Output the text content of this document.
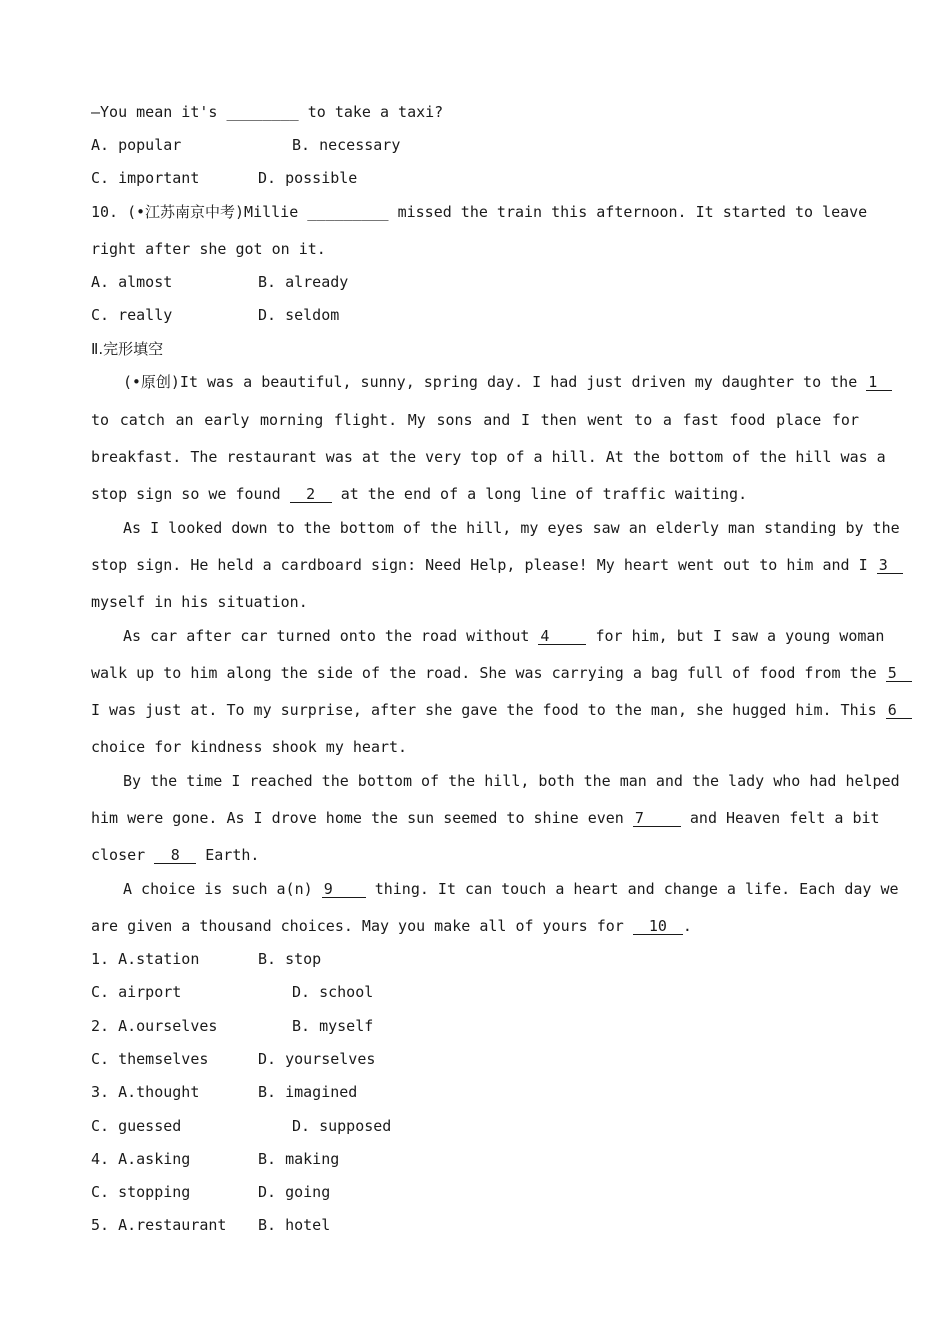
—You mean it's ________ to take a taxi?
A. popular	B. necessary
C. important	D. possible
10. (•江苏南京中考)Millie _________ missed the train this afternoon. It started to leave
right after she got on it.
A. almost	B. already
C. really	D. seldom
Ⅱ.完形填空
(•原创)It was a beautiful, sunny, spring day. I had just driven my daughter to the 1
to catch an early morning flight. My sons and I then went to a fast food place for
breakfast. The restaurant was at the very top of a hill. At the bottom of the hill was a
stop sign so we found 2 at the end of a long line of traffic waiting.
As I looked down to the bottom of the hill, my eyes saw an elderly man standing by the
stop sign. He held a cardboard sign: Need Help, please! My heart went out to him and I 3
myself in his situation.
As car after car turned onto the road without 4 for him, but I saw a young woman
walk up to him along the side of the road. She was carrying a bag full of food from the 5
I was just at. To my surprise, after she gave the food to the man, she hugged him. This 6
choice for kindness shook my heart.
By the time I reached the bottom of the hill, both the man and the lady who had helped
him were gone. As I drove home the sun seemed to shine even 7 and Heaven felt a bit
closer 8 Earth.
A choice is such a(n) 9 thing. It can touch a heart and change a life. Each day we
are given a thousand choices. May you make all of yours for 10 .
1. A.station	B. stop
C. airport	D. school
2. A.ourselves	B. myself
C. themselves	D. yourselves
3. A.thought	B. imagined
C. guessed	D. supposed
4. A.asking	B. making
C. stopping	D. going
5. A.restaurant B. hotel
